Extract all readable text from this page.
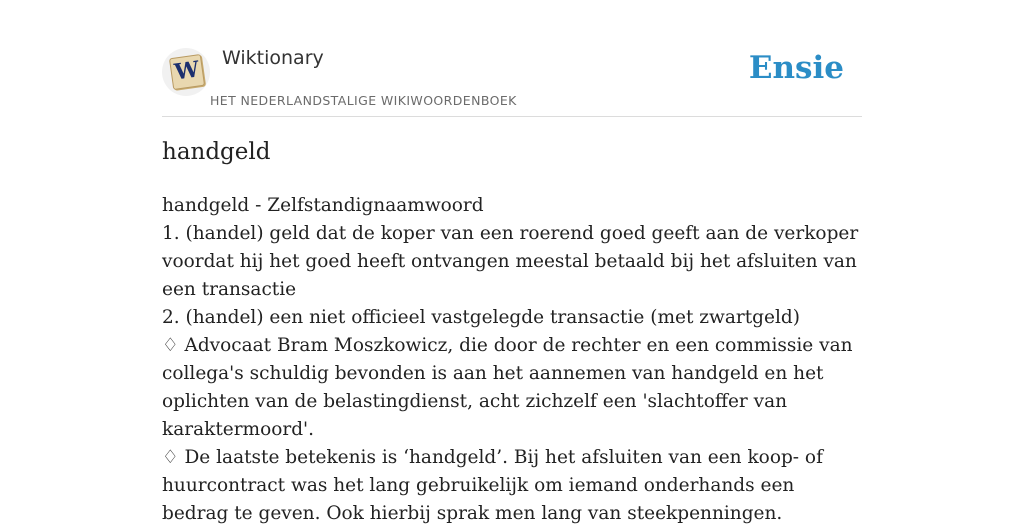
W Wiktionary
HET NEDERLANDSTALIGE WIKIWOORDENBOEK
Ensie
handgeld

handgeld - Zelfstandignaamwoord

1. (handel) geld dat de koper van een roerend goed geeft aan de verkoper voordat hij het goed heeft ontvangen meestal betaald bij het afsluiten van een transactie

2. (handel) een niet officieel vastgelegde transactie (met zwartgeld)

♢ Advocaat Bram Moszkowicz, die door de rechter en een commissie van collega's schuldig bevonden is aan het aannemen van handgeld en het oplichten van de belastingdienst, acht zichzelf een 'slachtoffer van karaktermoord'.

♢ De laatste betekenis is ‘handgeld’. Bij het afsluiten van een koop- of huurcontract was het lang gebruikelijk om iemand onderhands een bedrag te geven. Ook hierbij sprak men lang van steekpenningen.
